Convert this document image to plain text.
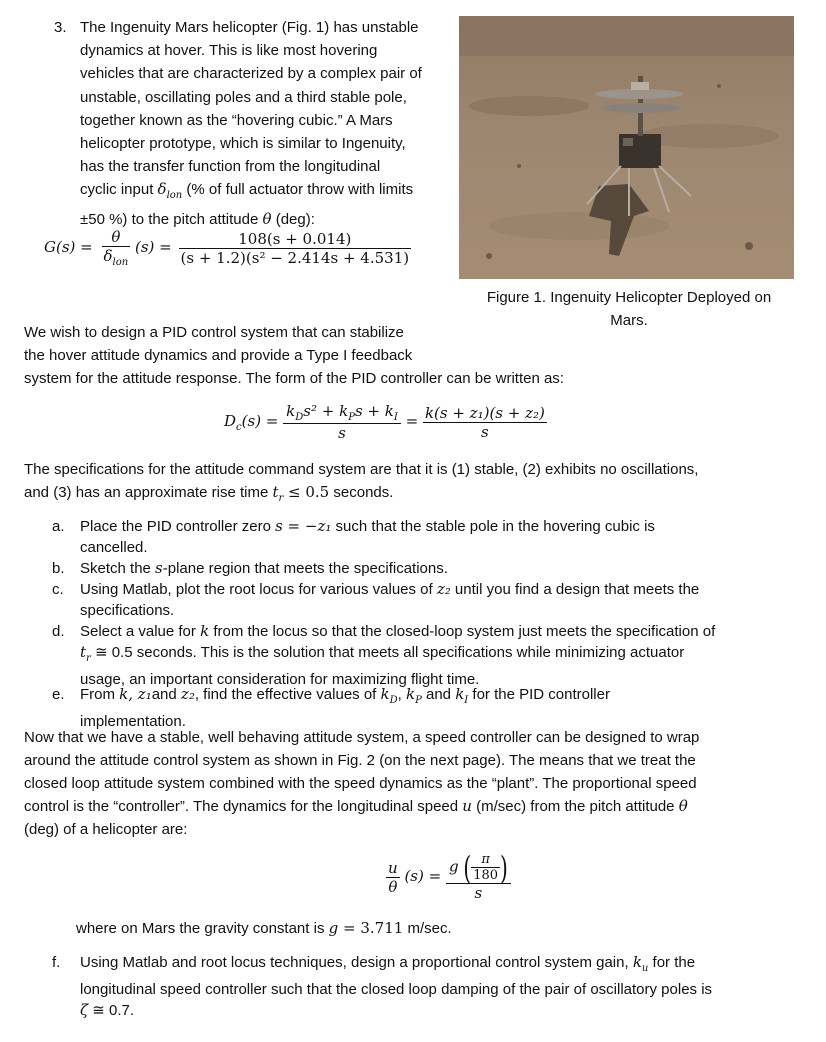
3. The Ingenuity Mars helicopter (Fig. 1) has unstable
dynamics at hover. This is like most hovering
vehicles that are characterized by a complex pair of
unstable, oscillating poles and a third stable pole,
together known as the “hovering cubic.” A Mars
helicopter prototype, which is similar to Ingenuity,
has the transfer function from the longitudinal
cyclic input $\delta_{lon}$ (% of full actuator throw with limits
±50 %) to the pitch attitude θ (deg):
$G(s) = \frac{\theta}{\delta_{lon}} (s) = \frac{108(s + 0.014)}{\text{(s + 1.2)(s² − 2.414s + 4.531)}}$
Figure 1. Ingenuity Helicopter Deployed on
Mars.
We wish to design a PID control system that can stabilize
the hover attitude dynamics and provide a Type I feedback
system for the attitude response. The form of the PID controller can be written as:
$D_c(s) = \frac{k_Ds^2 + k_Ps + k_I}{s} = \frac{\text{k(s + z₁)(s + z₂)}}{s}$
The specifications for the attitude command system are that it is (1) stable, (2) exhibits no oscillations,
and (3) has an approximate rise time $t_r \le 0.5$ seconds.
a. Place the PID controller zero s = −z₁ such that the stable pole in the hovering cubic is
cancelled.
b. Sketch the s-plane region that meets the specifications.
c. Using Matlab, plot the root locus for various values of z₂ until you find a design that meets the
specifications.
d. Select a value for k from the locus so that the closed-loop system just meets the specification of
$t_r$ ≅ 0.5 seconds. This is the solution that meets all specifications while minimizing actuator
usage, an important consideration for maximizing flight time.
e. From k, z₁and z₂, find the effective values of $k_D$, $k_P$ and $k_I$ for the PID controller
implementation.
Now that we have a stable, well behaving attitude system, a speed controller can be designed to wrap
around the attitude control system as shown in Fig. 2 (on the next page). The means that we treat the
closed loop attitude system combined with the speed dynamics as the “plant”. The proportional speed
control is the “controller”. The dynamics for the longitudinal speed u (m/sec) from the pitch attitude θ
(deg) of a helicopter are:
$\frac{u}{\theta} (s) = \frac{g ( \frac{\pi}{180} )}{s}$
where on Mars the gravity constant is g = 3.711 m/sec.
f. Using Matlab and root locus techniques, design a proportional control system gain, $k_u$ for the
longitudinal speed controller such that the closed loop damping of the pair of oscillatory poles is
ζ ≅ 0.7.
